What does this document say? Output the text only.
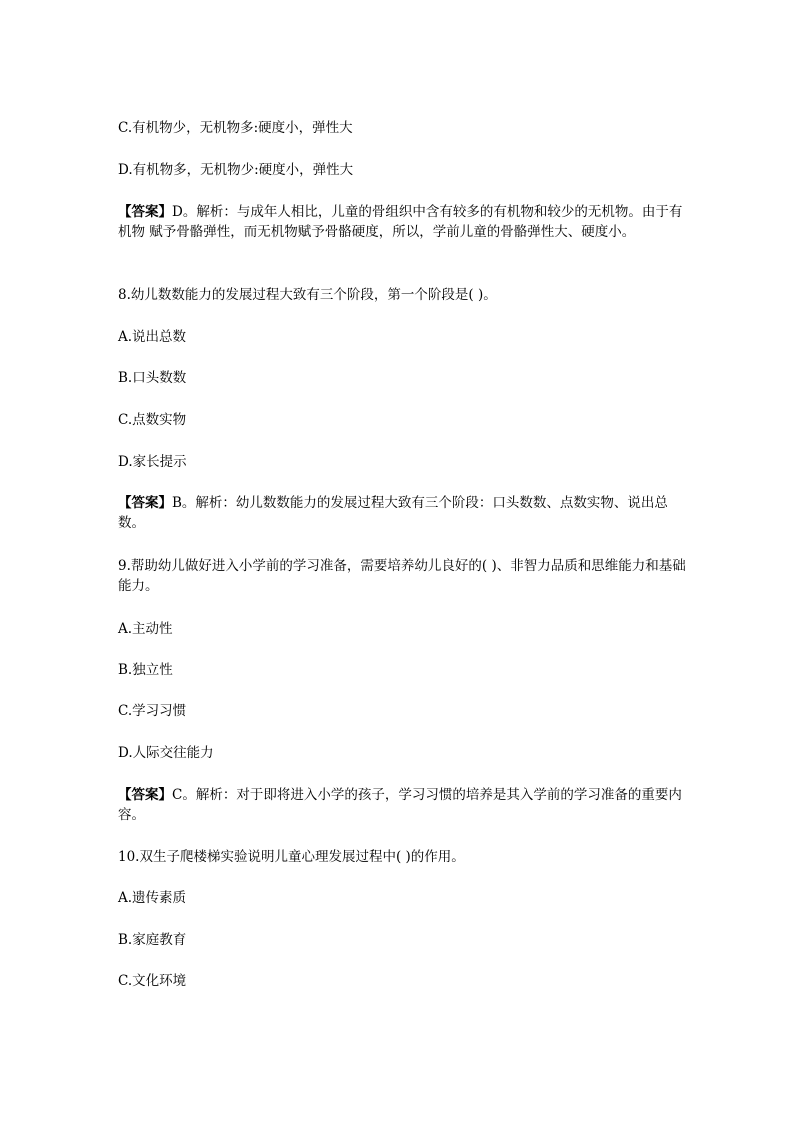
C.有机物少，无机物多:硬度小，弹性大

D.有机物多，无机物少:硬度小，弹性大

【答案】D。解析：与成年人相比，儿童的骨组织中含有较多的有机物和较少的无机物。由于有机物 赋予骨骼弹性，而无机物赋予骨骼硬度，所以，学前儿童的骨骼弹性大、硬度小。

8.幼儿数数能力的发展过程大致有三个阶段，第一个阶段是( )。

A.说出总数

B.口头数数

C.点数实物

D.家长提示

【答案】B。解析：幼儿数数能力的发展过程大致有三个阶段：口头数数、点数实物、说出总数。

9.帮助幼儿做好进入小学前的学习准备，需要培养幼儿良好的( )、非智力品质和思维能力和基础能力。

A.主动性

B.独立性

C.学习习惯

D.人际交往能力

【答案】C。解析：对于即将进入小学的孩子，学习习惯的培养是其入学前的学习准备的重要内容。

10.双生子爬楼梯实验说明儿童心理发展过程中( )的作用。

A.遗传素质

B.家庭教育

C.文化环境
